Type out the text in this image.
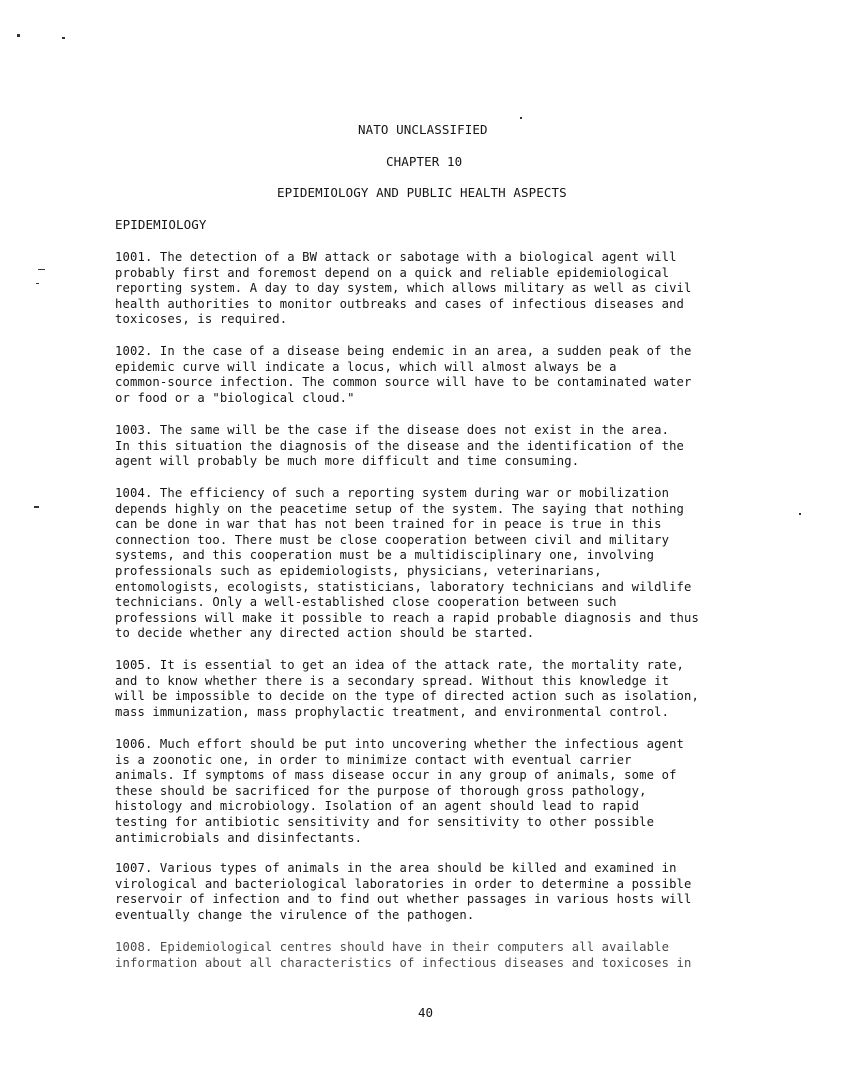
NATO UNCLASSIFIED
CHAPTER 10
EPIDEMIOLOGY AND PUBLIC HEALTH ASPECTS
EPIDEMIOLOGY
1001. The detection of a BW attack or sabotage with a biological agent will
probably first and foremost depend on a quick and reliable epidemiological
reporting system. A day to day system, which allows military as well as civil
health authorities to monitor outbreaks and cases of infectious diseases and
toxicoses, is required.
1002. In the case of a disease being endemic in an area, a sudden peak of the
epidemic curve will indicate a locus, which will almost always be a
common-source infection. The common source will have to be contaminated water
or food or a "biological cloud."
1003. The same will be the case if the disease does not exist in the area.
In this situation the diagnosis of the disease and the identification of the
agent will probably be much more difficult and time consuming.
1004. The efficiency of such a reporting system during war or mobilization
depends highly on the peacetime setup of the system. The saying that nothing
can be done in war that has not been trained for in peace is true in this
connection too. There must be close cooperation between civil and military
systems, and this cooperation must be a multidisciplinary one, involving
professionals such as epidemiologists, physicians, veterinarians,
entomologists, ecologists, statisticians, laboratory technicians and wildlife
technicians. Only a well-established close cooperation between such
professions will make it possible to reach a rapid probable diagnosis and thus
to decide whether any directed action should be started.
1005. It is essential to get an idea of the attack rate, the mortality rate,
and to know whether there is a secondary spread. Without this knowledge it
will be impossible to decide on the type of directed action such as isolation,
mass immunization, mass prophylactic treatment, and environmental control.
1006. Much effort should be put into uncovering whether the infectious agent
is a zoonotic one, in order to minimize contact with eventual carrier
animals. If symptoms of mass disease occur in any group of animals, some of
these should be sacrificed for the purpose of thorough gross pathology,
histology and microbiology. Isolation of an agent should lead to rapid
testing for antibiotic sensitivity and for sensitivity to other possible
antimicrobials and disinfectants.
1007. Various types of animals in the area should be killed and examined in
virological and bacteriological laboratories in order to determine a possible
reservoir of infection and to find out whether passages in various hosts will
eventually change the virulence of the pathogen.
1008. Epidemiological centres should have in their computers all available
information about all characteristics of infectious diseases and toxicoses in
40
